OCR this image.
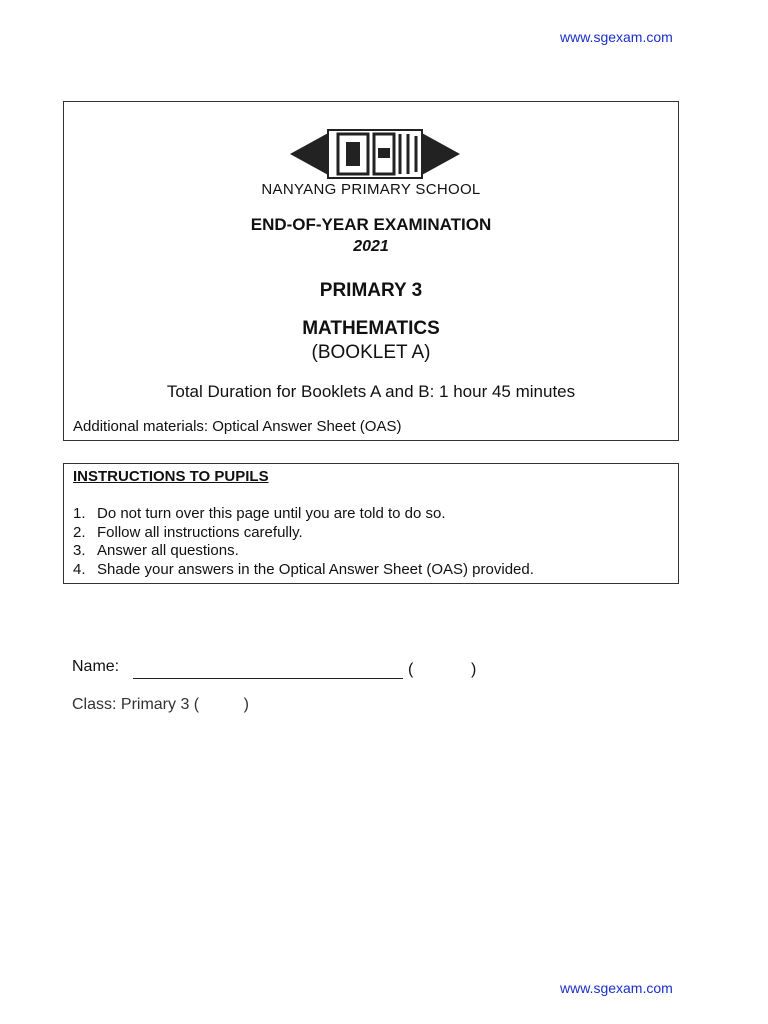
www.sgexam.com
NANYANG PRIMARY SCHOOL
END-OF-YEAR EXAMINATION
2021
PRIMARY 3
MATHEMATICS
(BOOKLET A)
Total Duration for Booklets A and B: 1 hour 45 minutes
Additional materials: Optical Answer Sheet (OAS)
INSTRUCTIONS TO PUPILS
1. Do not turn over this page until you are told to do so.
2. Follow all instructions carefully.
3. Answer all questions.
4. Shade your answers in the Optical Answer Sheet (OAS) provided.
Name:	(	)
Class: Primary 3 (          )
www.sgexam.com
